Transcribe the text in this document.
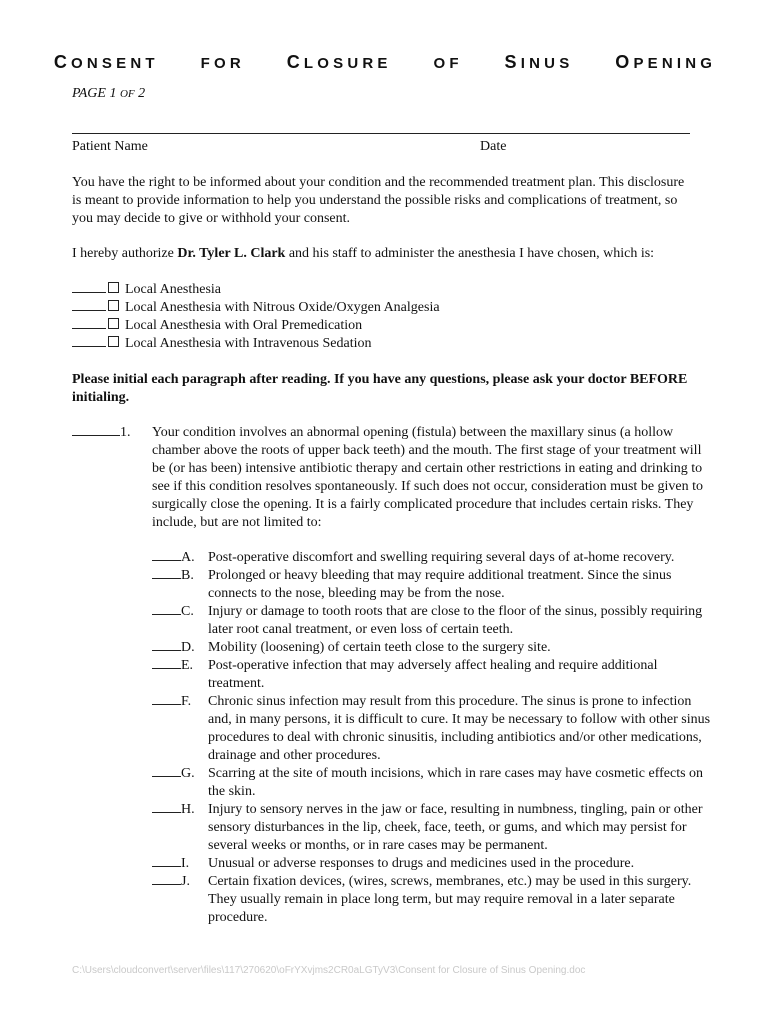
CONSENT	FOR CLOSURE	OF SINUS OPENING
PAGE 1 OF 2
Patient Name	Date
You have the right to be informed about your condition and the recommended treatment plan. This disclosure is meant to provide information to help you understand the possible risks and complications of treatment, so you may decide to give or withhold your consent.
I hereby authorize Dr. Tyler L. Clark and his staff to administer the anesthesia I have chosen, which is:
Local Anesthesia
Local Anesthesia with Nitrous Oxide/Oxygen Analgesia
Local Anesthesia with Oral Premedication
Local Anesthesia with Intravenous Sedation
Please initial each paragraph after reading. If you have any questions, please ask your doctor BEFORE initialing.
1. Your condition involves an abnormal opening (fistula) between the maxillary sinus (a hollow chamber above the roots of upper back teeth) and the mouth. The first stage of your treatment will be (or has been) intensive antibiotic therapy and certain other restrictions in eating and drinking to see if this condition resolves spontaneously. If such does not occur, consideration must be given to surgically close the opening. It is a fairly complicated procedure that includes certain risks. They include, but are not limited to:
A. Post-operative discomfort and swelling requiring several days of at-home recovery.
B. Prolonged or heavy bleeding that may require additional treatment. Since the sinus connects to the nose, bleeding may be from the nose.
C. Injury or damage to tooth roots that are close to the floor of the sinus, possibly requiring later root canal treatment, or even loss of certain teeth.
D. Mobility (loosening) of certain teeth close to the surgery site.
E. Post-operative infection that may adversely affect healing and require additional treatment.
F. Chronic sinus infection may result from this procedure. The sinus is prone to infection and, in many persons, it is difficult to cure. It may be necessary to follow with other sinus procedures to deal with chronic sinusitis, including antibiotics and/or other medications, drainage and other procedures.
G. Scarring at the site of mouth incisions, which in rare cases may have cosmetic effects on the skin.
H. Injury to sensory nerves in the jaw or face, resulting in numbness, tingling, pain or other sensory disturbances in the lip, cheek, face, teeth, or gums, and which may persist for several weeks or months, or in rare cases may be permanent.
I. Unusual or adverse responses to drugs and medicines used in the procedure.
J. Certain fixation devices, (wires, screws, membranes, etc.) may be used in this surgery. They usually remain in place long term, but may require removal in a later separate procedure.
C:\Users\cloudconvert\server\files\117\270620\oFrYXvjms2CR0aLGTyV3\Consent for Closure of Sinus Opening.doc
